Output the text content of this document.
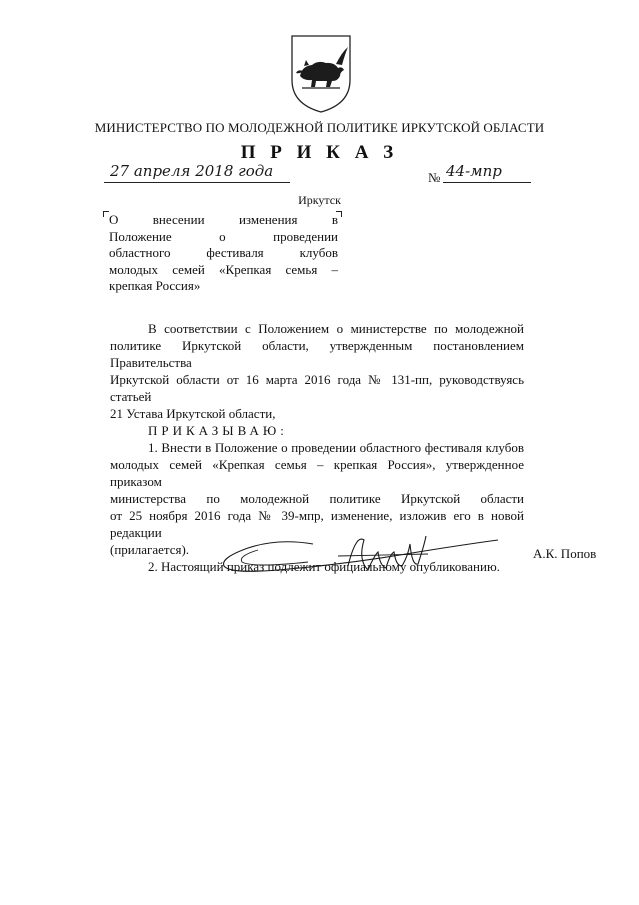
МИНИСТЕРСТВО ПО МОЛОДЕЖНОЙ ПОЛИТИКЕ ИРКУТСКОЙ ОБЛАСТИ
П Р И К А З
27 апреля 2018 года	№ 44-мпр
Иркутск
О внесении изменения в
Положение о проведении
областного фестиваля клубов
молодых семей «Крепкая семья –
крепкая Россия»
В соответствии с Положением о министерстве по молодежной
политике Иркутской области, утвержденным постановлением Правительства
Иркутской области от 16 марта 2016 года № 131-пп, руководствуясь статьей
21 Устава Иркутской области,
ПРИКАЗЫВАЮ:
1. Внести в Положение о проведении областного фестиваля клубов
молодых семей «Крепкая семья – крепкая Россия», утвержденное приказом
министерства по молодежной политике Иркутской области
от 25 ноября 2016 года № 39-мпр, изменение, изложив его в новой редакции
(прилагается).
2. Настоящий приказ подлежит официальному опубликованию.
А.К. Попов
